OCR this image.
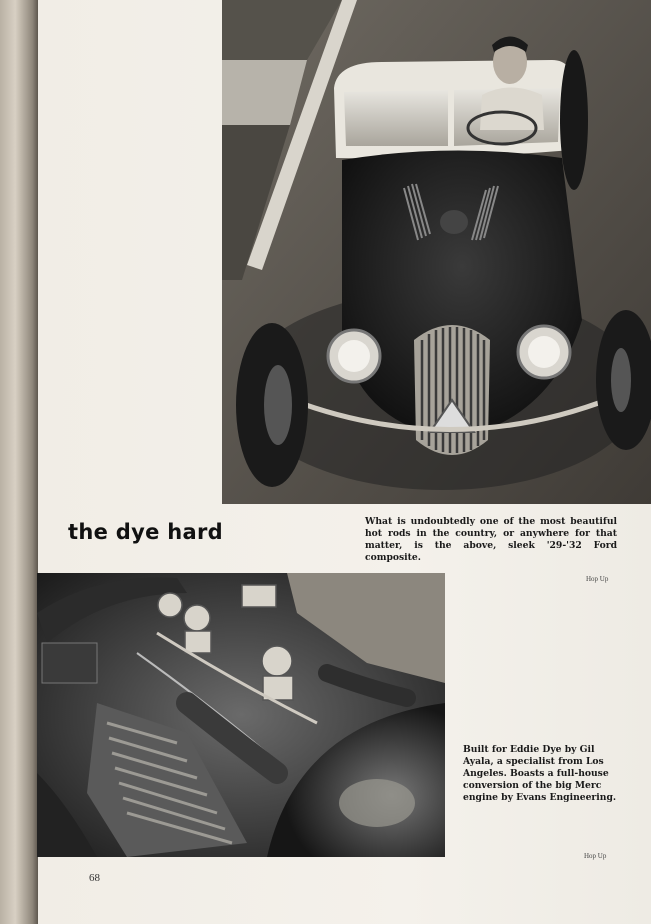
the dye hard	What is undoubtedly one of the most beautiful hot rods in the country, or anywhere for that matter, is the above, sleek '29-'32 Ford composite.
Hop Up
Built for Eddie Dye by Gil Ayala, a specialist from Los Angeles. Boasts a full-house conversion of the big Merc engine by Evans Engineering.
Hop Up
68
